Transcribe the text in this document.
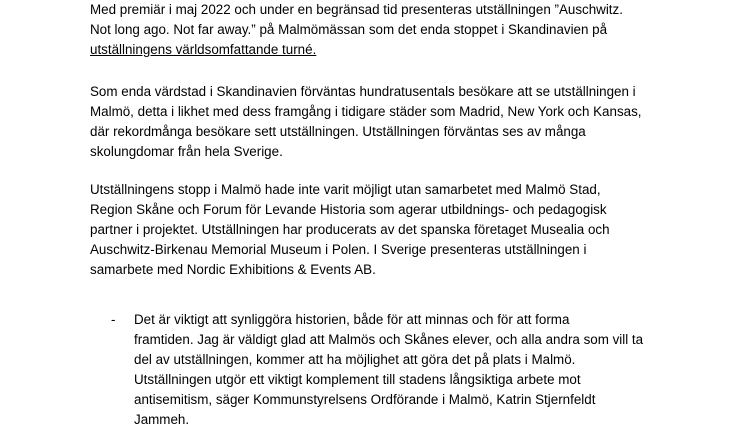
Med premiär i maj 2022 och under en begränsad tid presenteras utställningen ”Auschwitz.
Not long ago. Not far away.” på Malmömässan som det enda stoppet i Skandinavien på
utställningens världsomfattande turné.

Som enda värdstad i Skandinavien förväntas hundratusentals besökare att se utställningen i
Malmö, detta i likhet med dess framgång i tidigare städer som Madrid, New York och Kansas,
där rekordmånga besökare sett utställningen. Utställningen förväntas ses av många
skolungdomar från hela Sverige.

Utställningens stopp i Malmö hade inte varit möjligt utan samarbetet med Malmö Stad,
Region Skåne och Forum för Levande Historia som agerar utbildnings- och pedagogisk
partner i projektet. Utställningen har producerats av det spanska företaget Musealia och
Auschwitz-Birkenau Memorial Museum i Polen. I Sverige presenteras utställningen i
samarbete med Nordic Exhibitions & Events AB.

- Det är viktigt att synliggöra historien, både för att minnas och för att forma
framtiden. Jag är väldigt glad att Malmös och Skånes elever, och alla andra som vill ta
del av utställningen, kommer att ha möjlighet att göra det på plats i Malmö.
Utställningen utgör ett viktigt komplement till stadens långsiktiga arbete mot
antisemitism, säger Kommunstyrelsens Ordförande i Malmö, Katrin Stjernfeldt
Jammeh.
